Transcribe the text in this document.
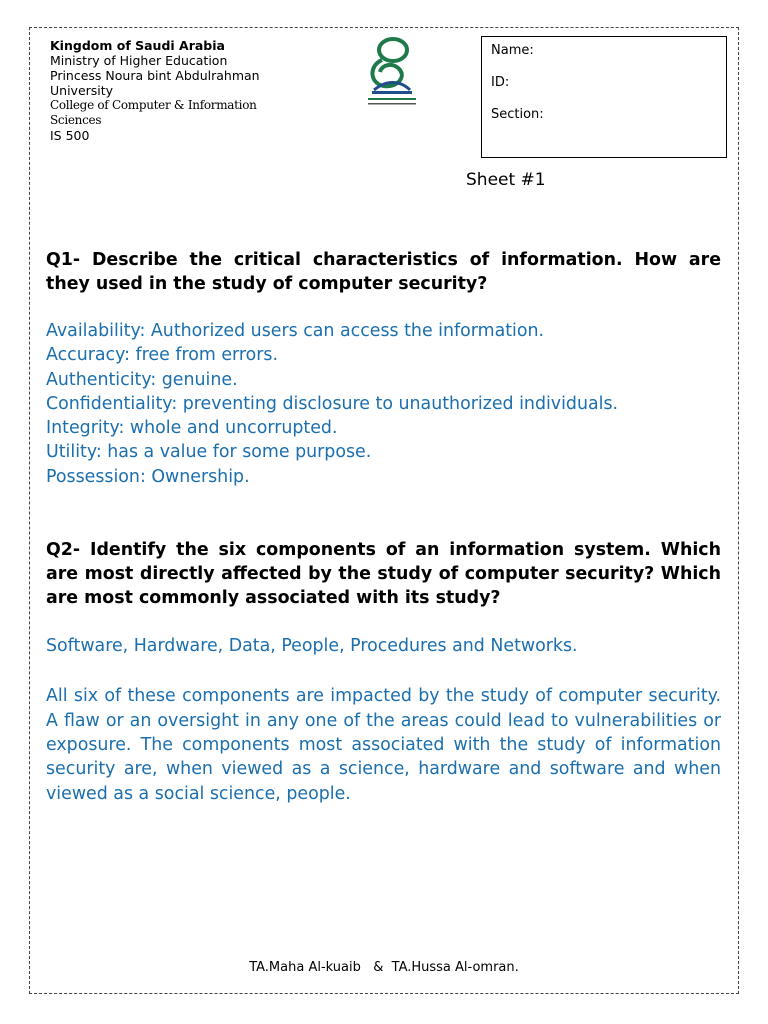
Kingdom of Saudi Arabia
Ministry of Higher Education
Princess Noura bint Abdulrahman University
College of Computer & Information Sciences
IS 500
Name:
ID:
Section:
Sheet #1

Q1- Describe the critical characteristics of information. How are they used in the study of computer security?

Availability: Authorized users can access the information.

Accuracy: free from errors.

Authenticity: genuine.

Confidentiality: preventing disclosure to unauthorized individuals.

Integrity: whole and uncorrupted.

Utility: has a value for some purpose.

Possession: Ownership.

Q2- Identify the six components of an information system. Which are most directly affected by the study of computer security? Which are most commonly associated with its study?

Software, Hardware, Data, People, Procedures and Networks.

All six of these components are impacted by the study of computer security. A flaw or an oversight in any one of the areas could lead to vulnerabilities or exposure. The components most associated with the study of information security are, when viewed as a science, hardware and software and when viewed as a social science, people.

TA.Maha Al-kuaib   &  TA.Hussa Al-omran.
